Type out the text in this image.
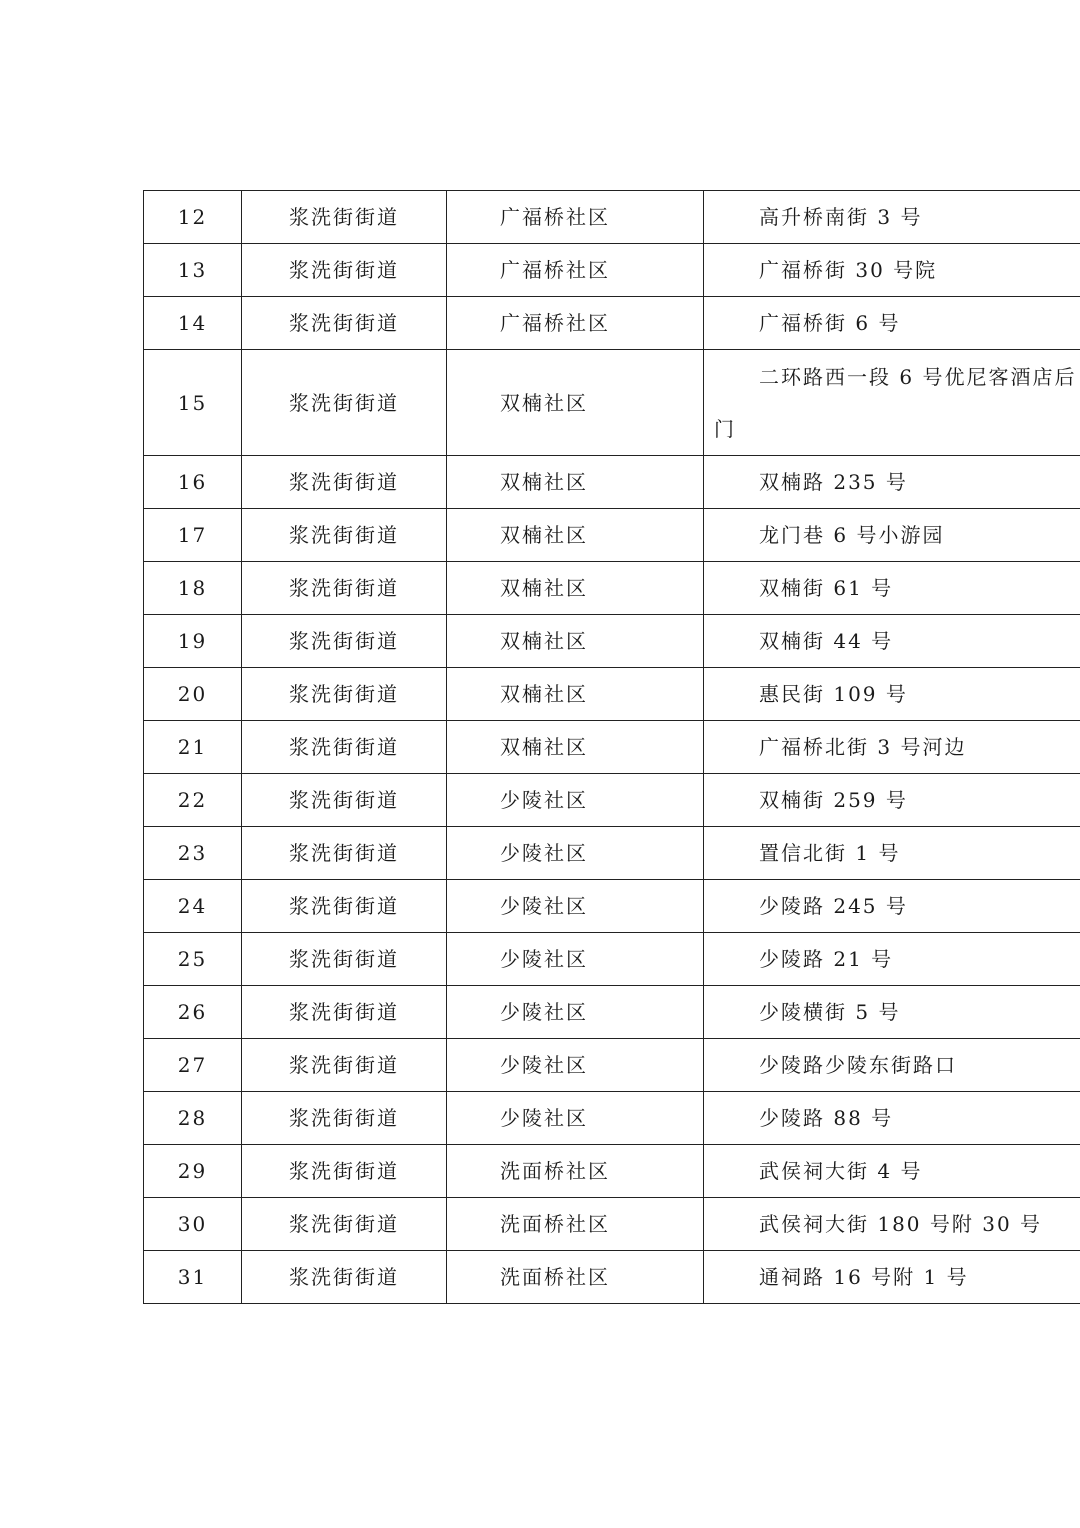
12	浆洗街街道	广福桥社区	高升桥南街 3 号
13	浆洗街街道	广福桥社区	广福桥街 30 号院
14	浆洗街街道	广福桥社区	广福桥街 6 号
15	浆洗街街道	双楠社区	二环路西一段 6 号优尼客酒店后门
16	浆洗街街道	双楠社区	双楠路 235 号
17	浆洗街街道	双楠社区	龙门巷 6 号小游园
18	浆洗街街道	双楠社区	双楠街 61 号
19	浆洗街街道	双楠社区	双楠街 44 号
20	浆洗街街道	双楠社区	惠民街 109 号
21	浆洗街街道	双楠社区	广福桥北街 3 号河边
22	浆洗街街道	少陵社区	双楠街 259 号
23	浆洗街街道	少陵社区	置信北街 1 号
24	浆洗街街道	少陵社区	少陵路 245 号
25	浆洗街街道	少陵社区	少陵路 21 号
26	浆洗街街道	少陵社区	少陵横街 5 号
27	浆洗街街道	少陵社区	少陵路少陵东街路口
28	浆洗街街道	少陵社区	少陵路 88 号
29	浆洗街街道	洗面桥社区	武侯祠大街 4 号
30	浆洗街街道	洗面桥社区	武侯祠大街 180 号附 30 号
31	浆洗街街道	洗面桥社区	通祠路 16 号附 1 号
